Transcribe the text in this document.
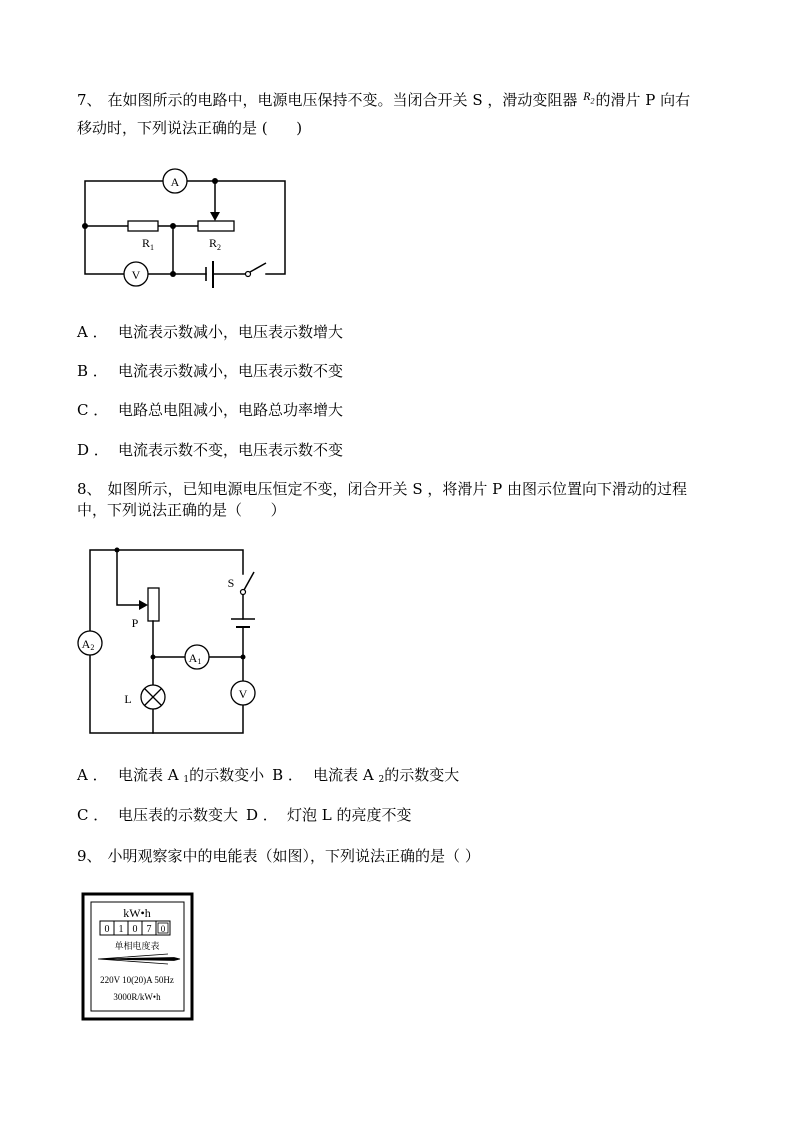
7、 在如图所示的电路中，电源电压保持不变。当闭合开关 S ，滑动变阻器 $^{R_2}$的滑片 P 向右
移动时，下列说法正确的是 (      )
A
$R_1$	$R_2$
V
A ． 电流表示数减小，电压表示数增大
B ． 电流表示数减小，电压表示数不变
C ． 电路总电阻减小，电路总功率增大
D ． 电流表示数不变，电压表示数不变
8、 如图所示，已知电源电压恒定不变，闭合开关 S ，将滑片 P 由图示位置向下滑动的过程
中，下列说法正确的是（      ）
P
A2
A1
L	V
S
A ． 电流表 A 1的示数变小 B ． 电流表 A 2的示数变大
C ． 电压表的示数变大 D ． 灯泡 L 的亮度不变
9、 小明观察家中的电能表（如图），下列说法正确的是（ ）
kW•h
0 1 0 7 0
单相电度表
220V 10(20)A 50Hz
3000R/kW•h
